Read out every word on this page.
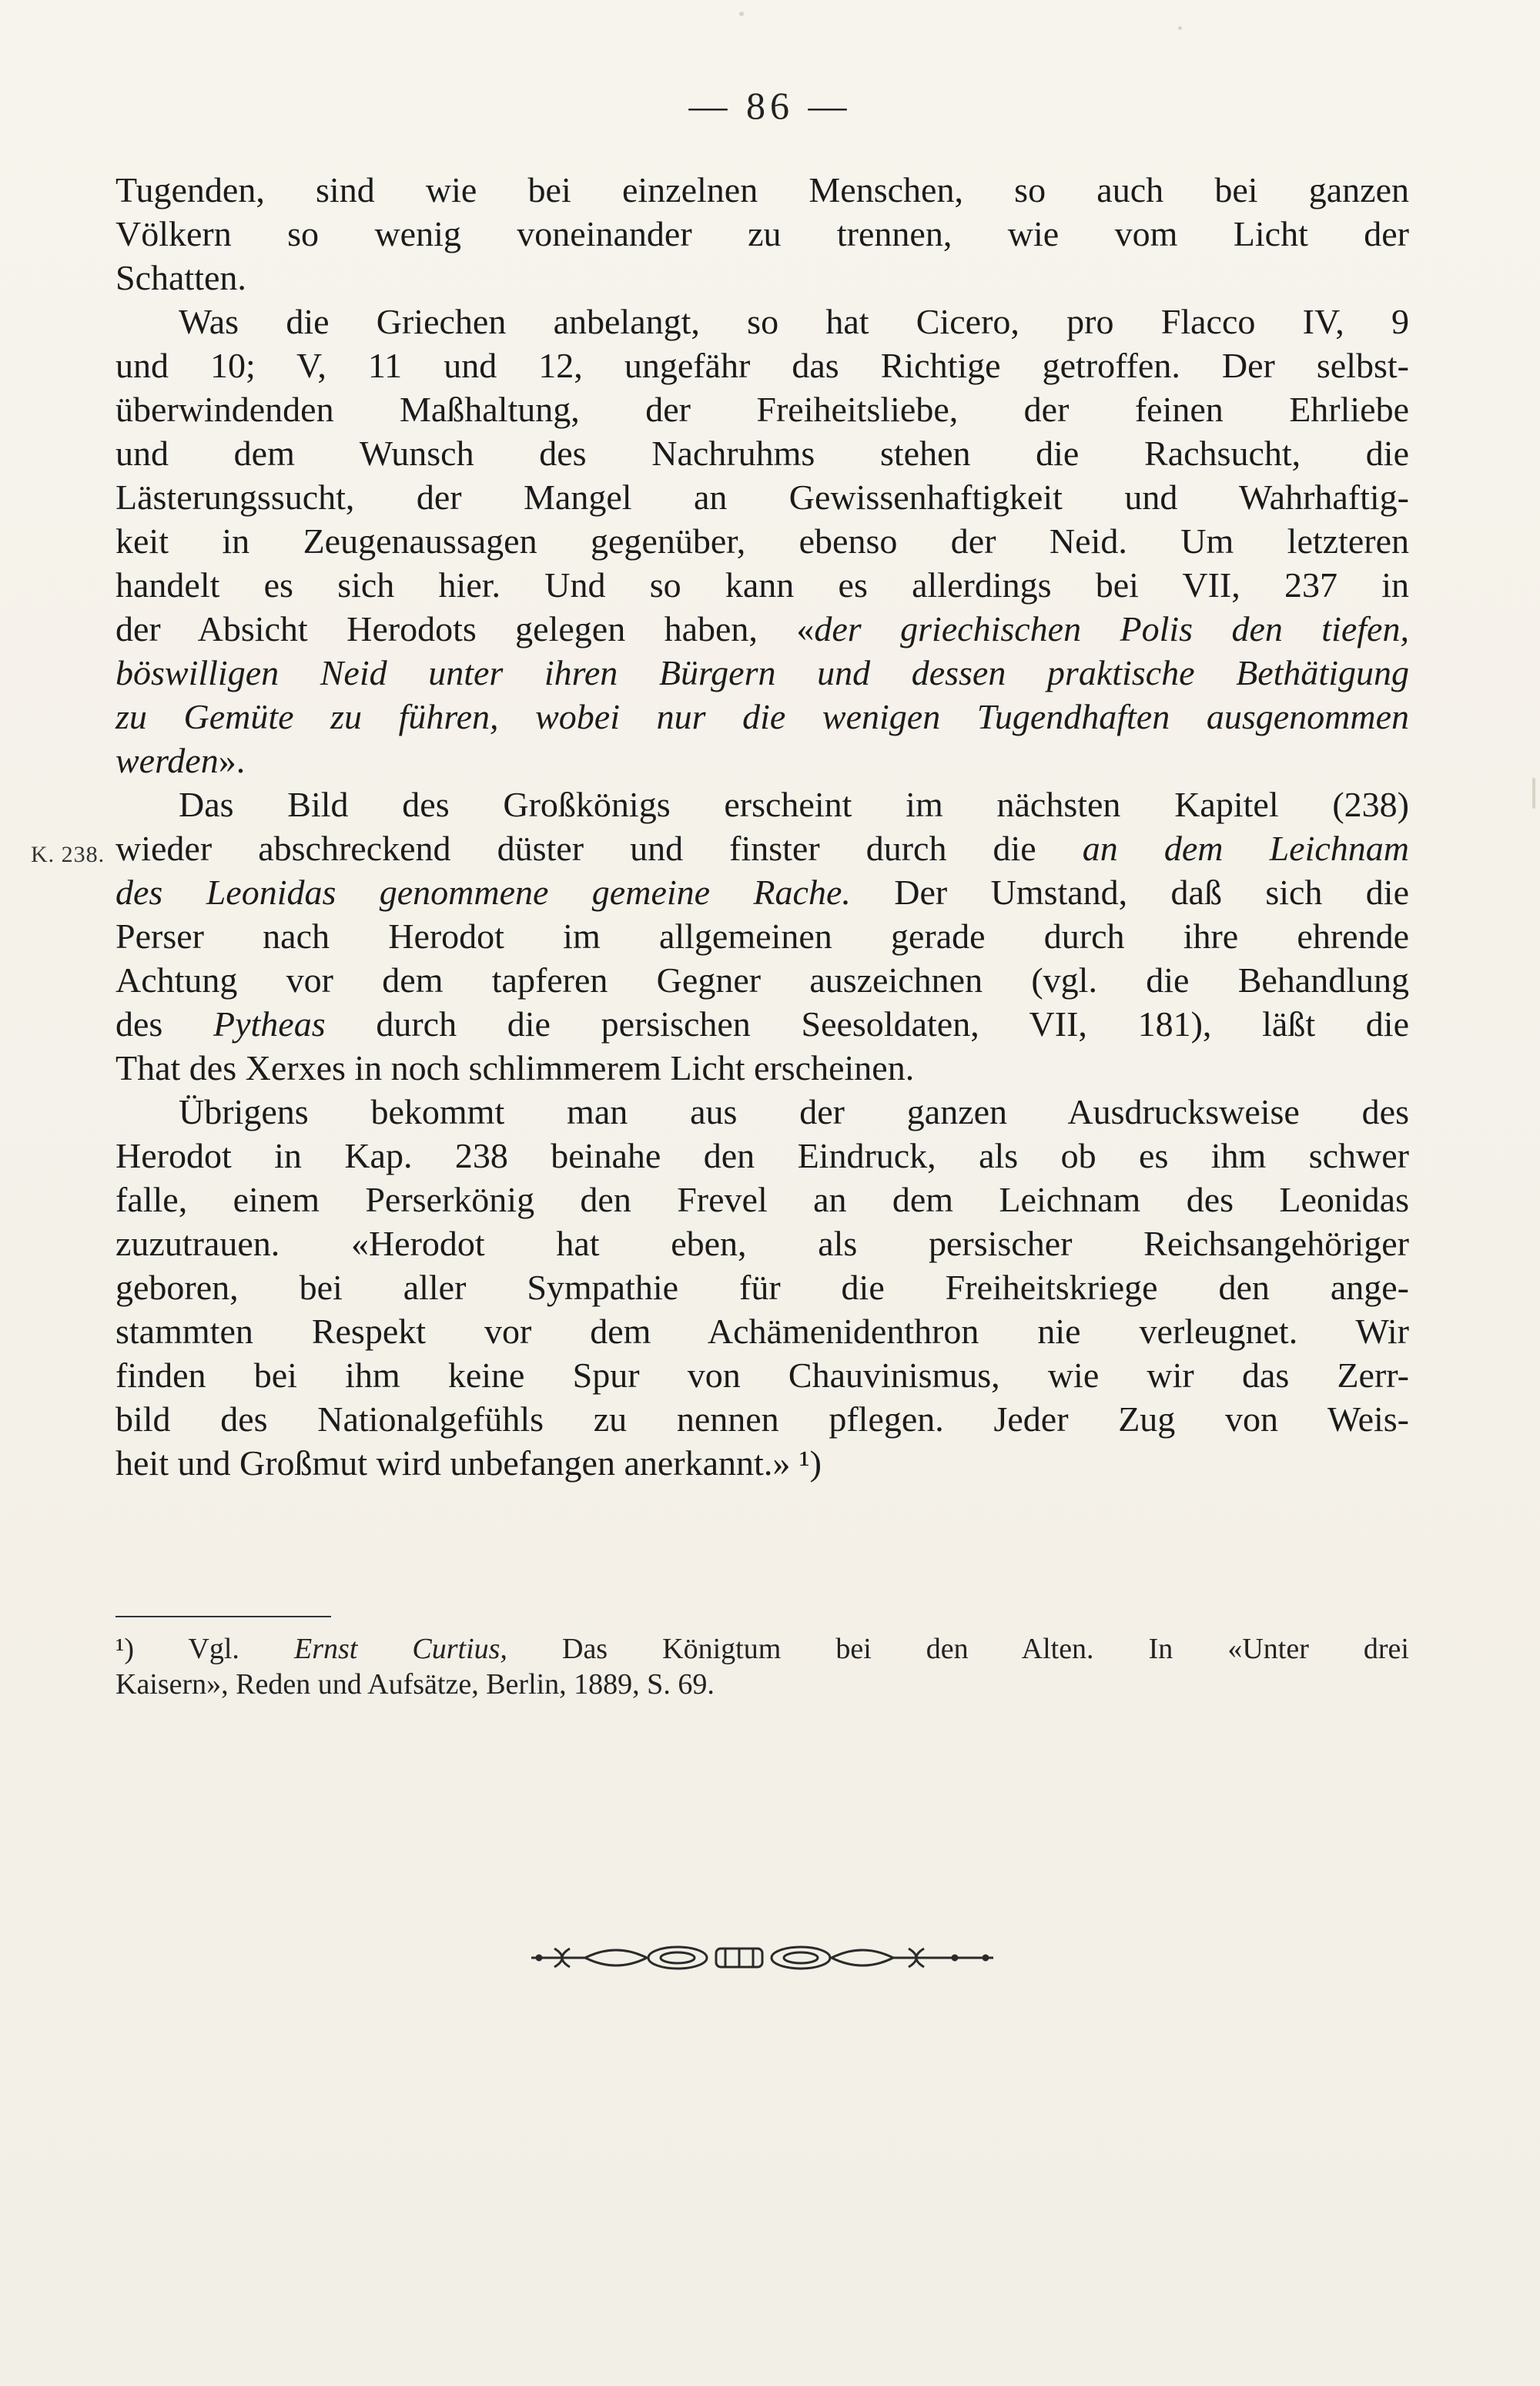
— 86 —
K. 238.
Tugenden, sind wie bei einzelnen Menschen, so auch bei ganzen
Völkern so wenig voneinander zu trennen, wie vom Licht der
Schatten.
Was die Griechen anbelangt, so hat Cicero, pro Flacco IV, 9
und 10; V, 11 und 12, ungefähr das Richtige getroffen. Der selbst-
überwindenden Maßhaltung, der Freiheitsliebe, der feinen Ehrliebe
und dem Wunsch des Nachruhms stehen die Rachsucht, die
Lästerungssucht, der Mangel an Gewissenhaftigkeit und Wahrhaftig-
keit in Zeugenaussagen gegenüber, ebenso der Neid. Um letzteren
handelt es sich hier. Und so kann es allerdings bei VII, 237 in
der Absicht Herodots gelegen haben, «der griechischen Polis den tiefen,
böswilligen Neid unter ihren Bürgern und dessen praktische Bethätigung
zu Gemüte zu führen, wobei nur die wenigen Tugendhaften ausgenommen
werden».
Das Bild des Großkönigs erscheint im nächsten Kapitel (238)
wieder abschreckend düster und finster durch die an dem Leichnam
des Leonidas genommene gemeine Rache. Der Umstand, daß sich die
Perser nach Herodot im allgemeinen gerade durch ihre ehrende
Achtung vor dem tapferen Gegner auszeichnen (vgl. die Behandlung
des Pytheas durch die persischen Seesoldaten, VII, 181), läßt die
That des Xerxes in noch schlimmerem Licht erscheinen.
Übrigens bekommt man aus der ganzen Ausdrucksweise des
Herodot in Kap. 238 beinahe den Eindruck, als ob es ihm schwer
falle, einem Perserkönig den Frevel an dem Leichnam des Leonidas
zuzutrauen. «Herodot hat eben, als persischer Reichsangehöriger
geboren, bei aller Sympathie für die Freiheitskriege den ange-
stammten Respekt vor dem Achämenidenthron nie verleugnet. Wir
finden bei ihm keine Spur von Chauvinismus, wie wir das Zerr-
bild des Nationalgefühls zu nennen pflegen. Jeder Zug von Weis-
heit und Großmut wird unbefangen anerkannt.» ¹)
¹) Vgl. Ernst Curtius, Das Königtum bei den Alten. In «Unter drei
Kaisern», Reden und Aufsätze, Berlin, 1889, S. 69.
